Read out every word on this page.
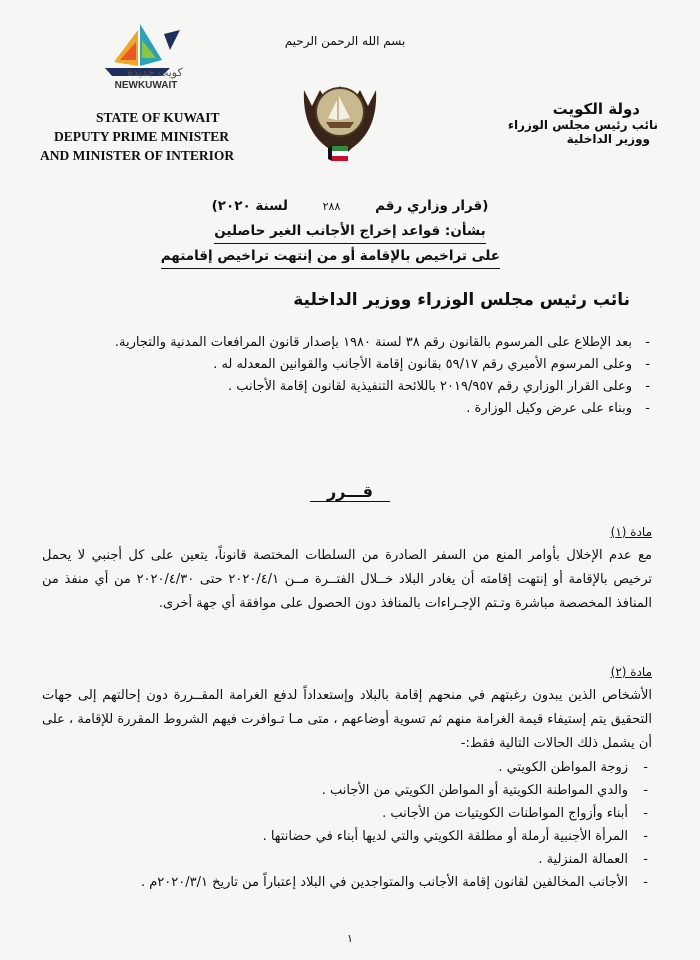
كويت جديدة
NEWKUWAIT
STATE OF KUWAIT
DEPUTY PRIME MINISTER
AND MINISTER OF INTERIOR
بسم الله الرحمن الرحيم
دولة الكويت
نائب رئيس مجلس الوزراء
ووزير الداخلية
(قرار وزاري رقم ٢٨٨ لسنة ٢٠٢٠)
بشأن: قواعد إخراج الأجانب الغير حاصلين
على تراخيص بالإقامة أو من إنتهت تراخيص إقامتهم
نائب رئيس مجلس الوزراء ووزير الداخلية
- بعد الإطلاع على المرسوم بالقانون رقم ٣٨ لسنة ١٩٨٠ بإصدار قانون المرافعات المدنية والتجارية.
- وعلى المرسوم الأميري رقم ٥٩/١٧ بقانون إقامة الأجانب والقوانين المعدله له .
- وعلى القرار الوزاري رقم ٢٠١٩/٩٥٧ باللائحة التنفيذية لقانون إقامة الأجانب .
- وبناء على عرض وكيل الوزارة .
قـــرر
مادة (١)
مع عدم الإخلال بأوامر المنع من السفر الصادرة من السلطات المختصة قانوناً، يتعين على كل أجنبي لا يحمل ترخيص بالإقامة أو إنتهت إقامته أن يغادر البلاد خــلال الفتــرة مــن ٢٠٢٠/٤/١ حتى ٢٠٢٠/٤/٣٠ من أي منفذ من المنافذ المخصصة مباشرة وتـتم الإجـراءات بالمنافذ دون الحصول على موافقة أي جهة أخرى.
مادة (٢)
الأشخاص الذين يبدون رغبتهم في منحهم إقامة بالبلاد وإستعداداً لدفع الغرامة المقــررة دون إحالتهم إلى جهات التحقيق يتم إستيفاء قيمة الغرامة منهم ثم تسوية أوضاعهم ، متى مـا تـوافرت فيهم الشروط المقررة للإقامة ، على أن يشمل ذلك الحالات التالية فقط:-
- زوجة المواطن الكويتي .
- والدي المواطنة الكويتية أو المواطن الكويتي من الأجانب .
- أبناء وأزواج المواطنات الكويتيات من الأجانب .
- المرأة الأجنبية أرملة أو مطلقة الكويتي والتي لديها أبناء في حضانتها .
- العمالة المنزلية .
- الأجانب المخالفين لقانون إقامة الأجانب والمتواجدين في البلاد إعتباراً من تاريخ ٢٠٢٠/٣/١م .
١
